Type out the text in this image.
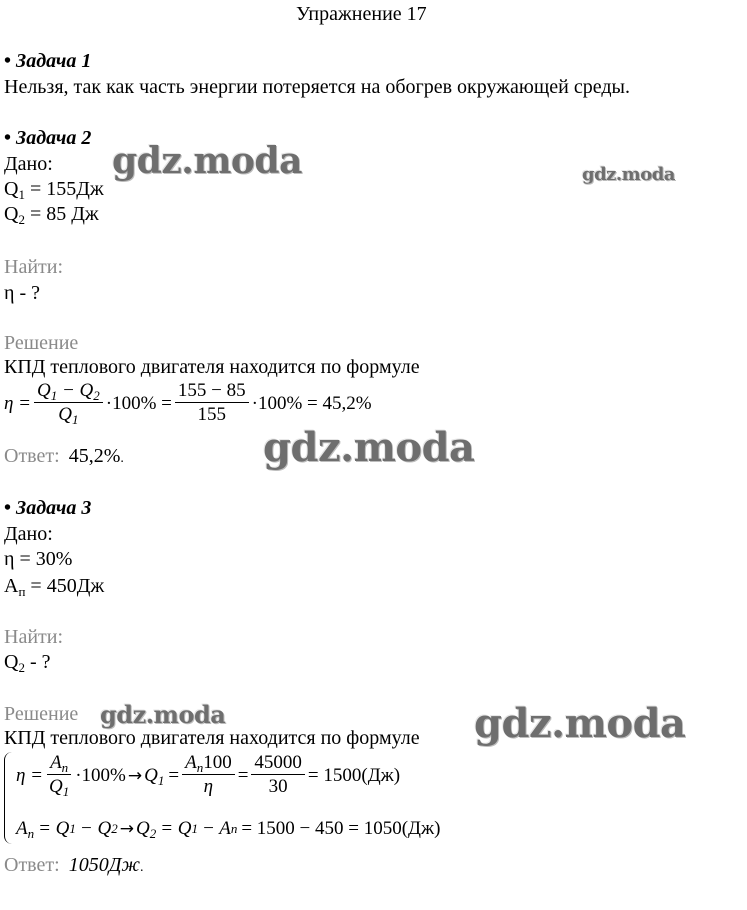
Упражнение 17
• Задача 1
Нельзя, так как часть энергии потеряется на обогрев окружающей среды.
• Задача 2
Дано:
$Q_1 = 155Дж$
$Q_2 = 85$ Дж
gdz.moda	gdz.moda
Найти:
η - ?
Решение
КПД теплового двигателя находится по формуле
$\eta = \frac{Q_1 - Q_2}{Q_1} \cdot 100\% = \frac{155 - 85}{155} \cdot 100\% = 45,2\%$
Ответ: 45,2%.	gdz.moda
• Задача 3
Дано:
η = 30%
$A_п = 450Дж$
Найти:
$Q_2$ - ?
Решение gdz.moda
КПД теплового двигателя находится по формуле gdz.moda
$\eta = \frac{A_n}{Q_1} \cdot 100\% \to Q_1 = \frac{A_n100}{\eta} = \frac{45000}{30} = 1500(Дж)$
$A_n = Q$ 1 − Q $2 \to Q_2 = Q$ 1 − A n = 1500 − 450 = 1050(Дж)
Ответ: 1050Дж.
